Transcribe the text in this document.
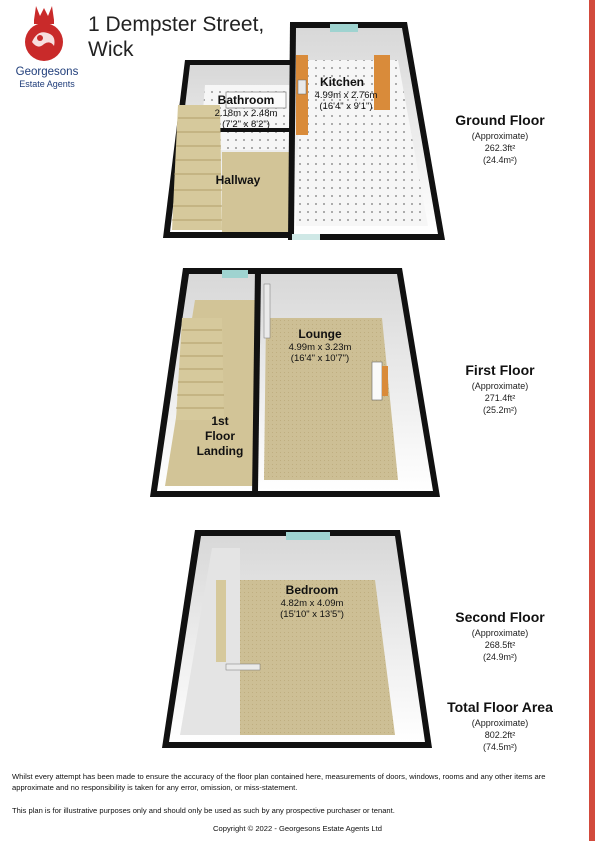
Georgesons
Estate Agents
1 Dempster Street,
Wick
Kitchen
4.99m x 2.76m
(16'4" x 9'1")
Bathroom
2.18m x 2.48m
(7'2" x 8'2")
Hallway
Lounge
4.99m x 3.23m
(16'4" x 10'7")
1st
Floor
Landing
Bedroom
4.82m x 4.09m
(15'10" x 13'5")
Ground Floor
(Approximate)
262.3ft²
(24.4m²)
First Floor
(Approximate)
271.4ft²
(25.2m²)
Second Floor
(Approximate)
268.5ft²
(24.9m²)
Total Floor Area
(Approximate)
802.2ft²
(74.5m²)
Whilst every attempt has been made to ensure the accuracy of the floor plan contained here, measurements of doors, windows, rooms and any other items are approximate and no responsibility is taken for any error, omission, or miss-statement.
This plan is for illustrative purposes only and should only be used as such by any prospective purchaser or tenant.
Copyright © 2022 - Georgesons Estate Agents Ltd
